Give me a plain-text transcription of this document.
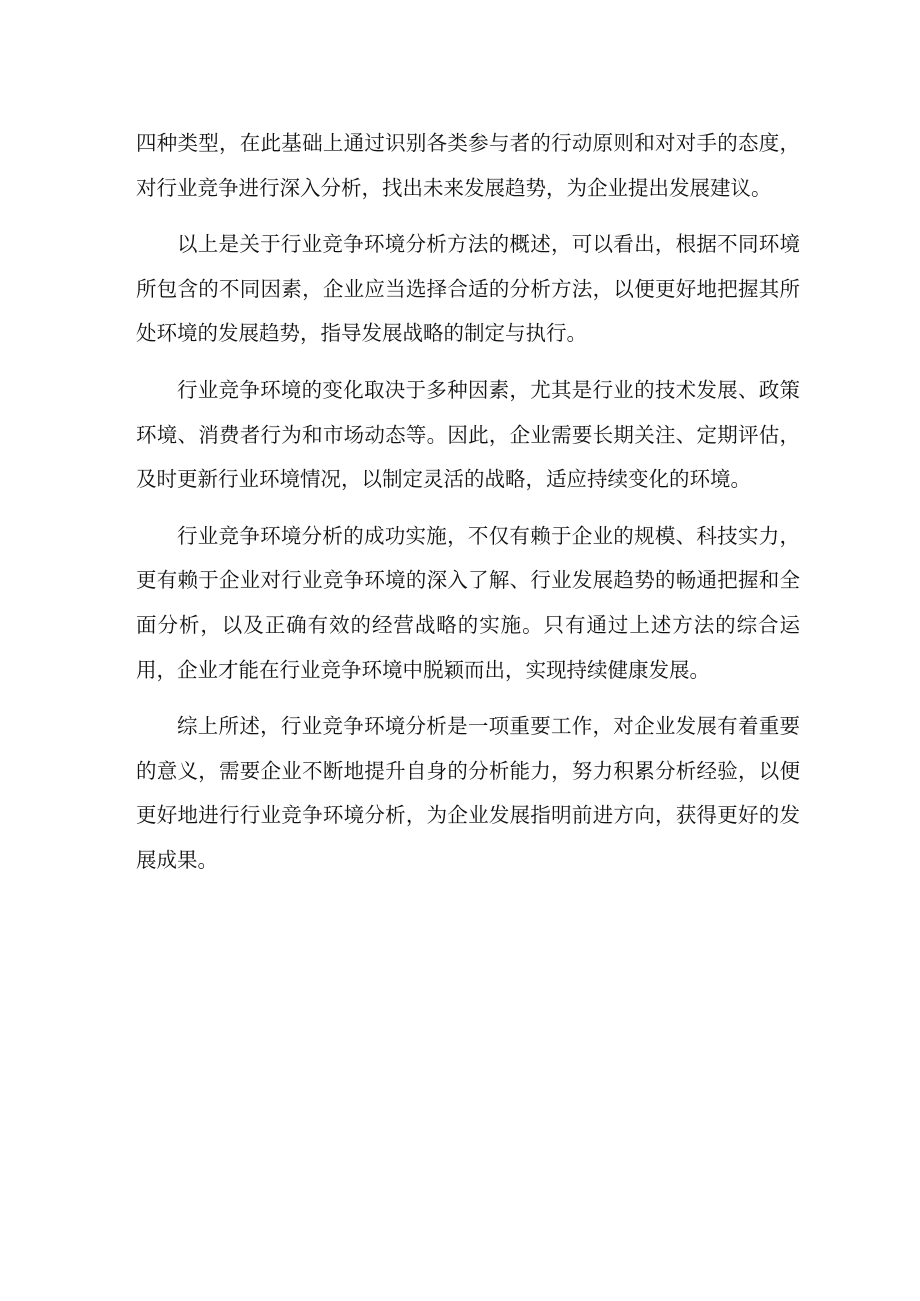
四种类型，在此基础上通过识别各类参与者的行动原则和对对手的态度，对行业竞争进行深入分析，找出未来发展趋势，为企业提出发展建议。

以上是关于行业竞争环境分析方法的概述，可以看出，根据不同环境所包含的不同因素，企业应当选择合适的分析方法，以便更好地把握其所处环境的发展趋势，指导发展战略的制定与执行。

行业竞争环境的变化取决于多种因素，尤其是行业的技术发展、政策环境、消费者行为和市场动态等。因此，企业需要长期关注、定期评估，及时更新行业环境情况，以制定灵活的战略，适应持续变化的环境。

行业竞争环境分析的成功实施，不仅有赖于企业的规模、科技实力，更有赖于企业对行业竞争环境的深入了解、行业发展趋势的畅通把握和全面分析，以及正确有效的经营战略的实施。只有通过上述方法的综合运用，企业才能在行业竞争环境中脱颖而出，实现持续健康发展。

综上所述，行业竞争环境分析是一项重要工作，对企业发展有着重要的意义，需要企业不断地提升自身的分析能力，努力积累分析经验，以便更好地进行行业竞争环境分析，为企业发展指明前进方向，获得更好的发展成果。
